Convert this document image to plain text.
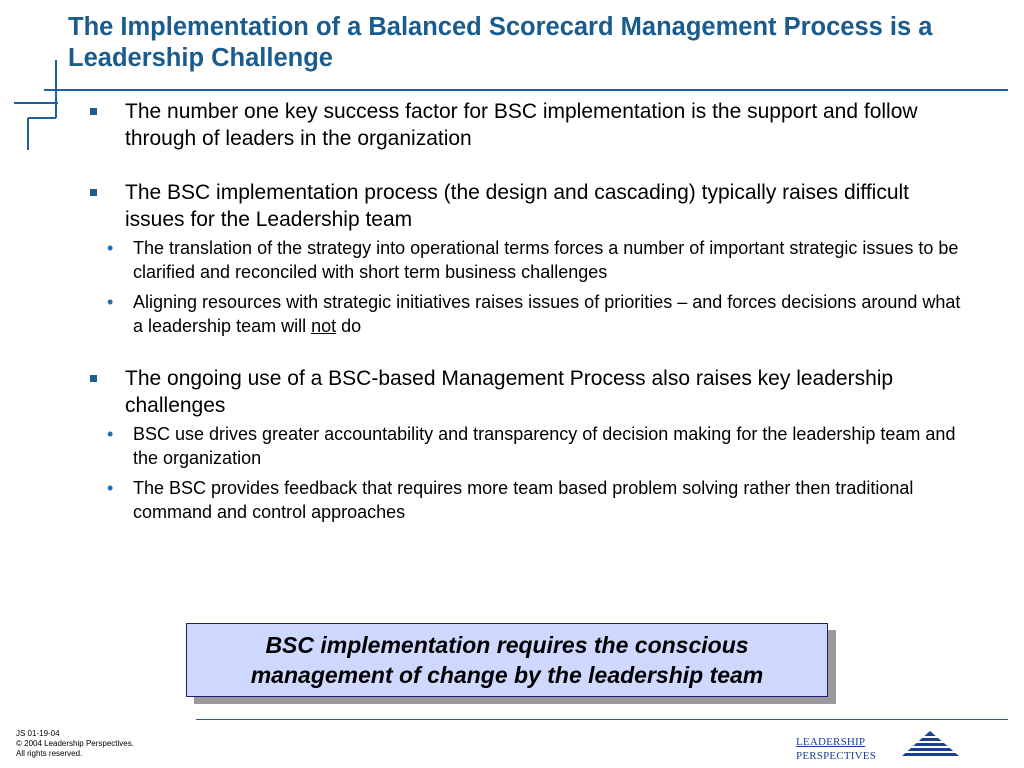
The Implementation of a Balanced Scorecard Management Process is a Leadership Challenge
The number one key success factor for BSC implementation is the support and follow through of leaders in the organization
The BSC implementation process (the design and cascading) typically raises difficult issues for the Leadership team
• The translation of the strategy into operational terms forces a number of important strategic issues to be clarified and reconciled with short term business challenges
• Aligning resources with strategic initiatives raises issues of priorities – and forces decisions around what a leadership team will not do
The ongoing use of a BSC-based Management Process also raises key leadership challenges
• BSC use drives greater accountability and transparency of decision making for the leadership team and the organization
• The BSC provides feedback that requires more team based problem solving rather then traditional command and control approaches
BSC implementation requires the conscious management of change by the leadership team
JS 01-19-04
© 2004 Leadership Perspectives.
All rights reserved.
LEADERSHIP
PERSPECTIVES
